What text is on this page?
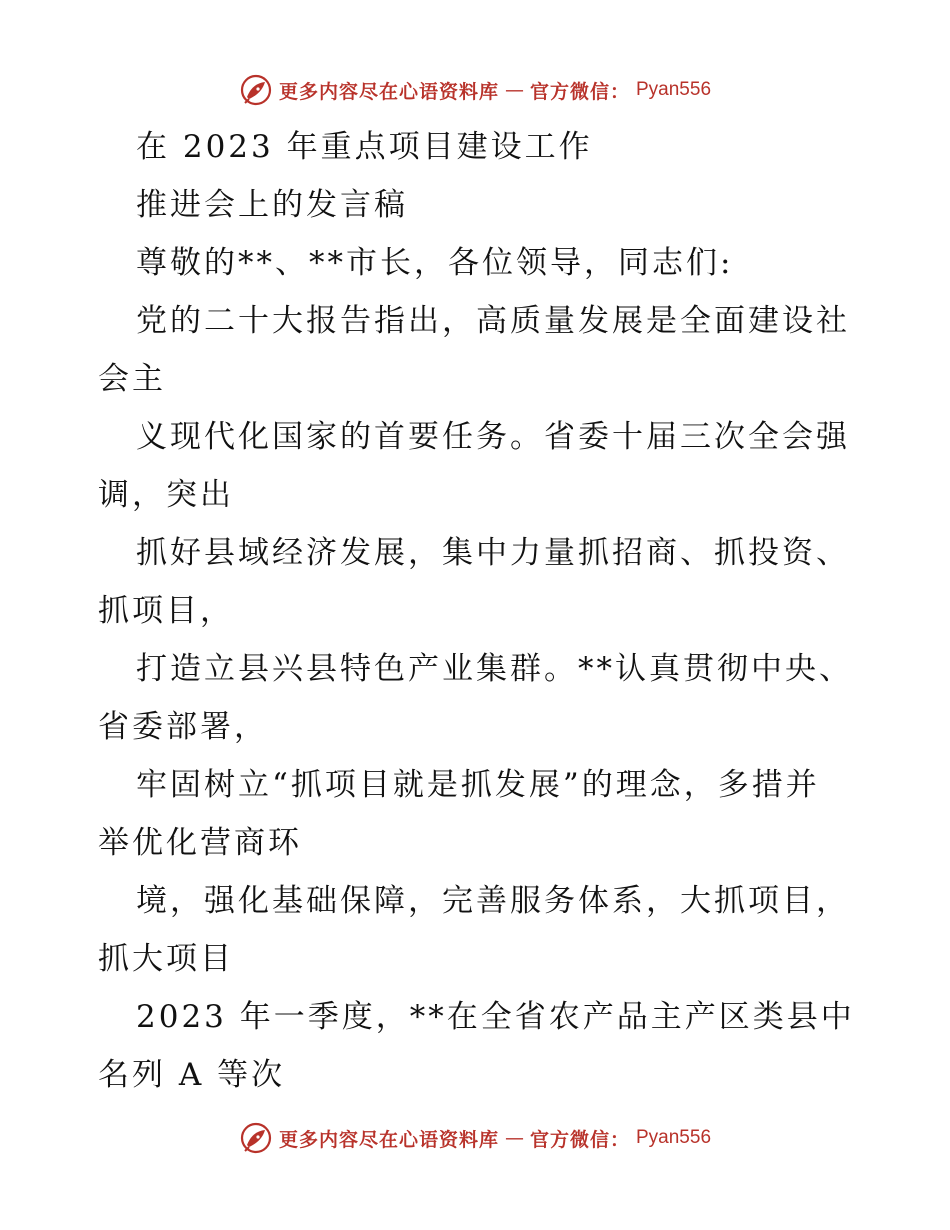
更多内容尽在心语资料库 — 官方微信： Pyan556
在 2023 年重点项目建设工作
推进会上的发言稿
尊敬的**、**市长，各位领导，同志们:
党的二十大报告指出，高质量发展是全面建设社
会主
义现代化国家的首要任务。省委十届三次全会强
调，突出
抓好县域经济发展，集中力量抓招商、抓投资、
抓项目，
打造立县兴县特色产业集群。**认真贯彻中央、
省委部署，
牢固树立“抓项目就是抓发展”的理念，多措并
举优化营商环
境，强化基础保障，完善服务体系，大抓项目，
抓大项目
2023 年一季度，**在全省农产品主产区类县中
名列 A 等次
更多内容尽在心语资料库 — 官方微信： Pyan556
